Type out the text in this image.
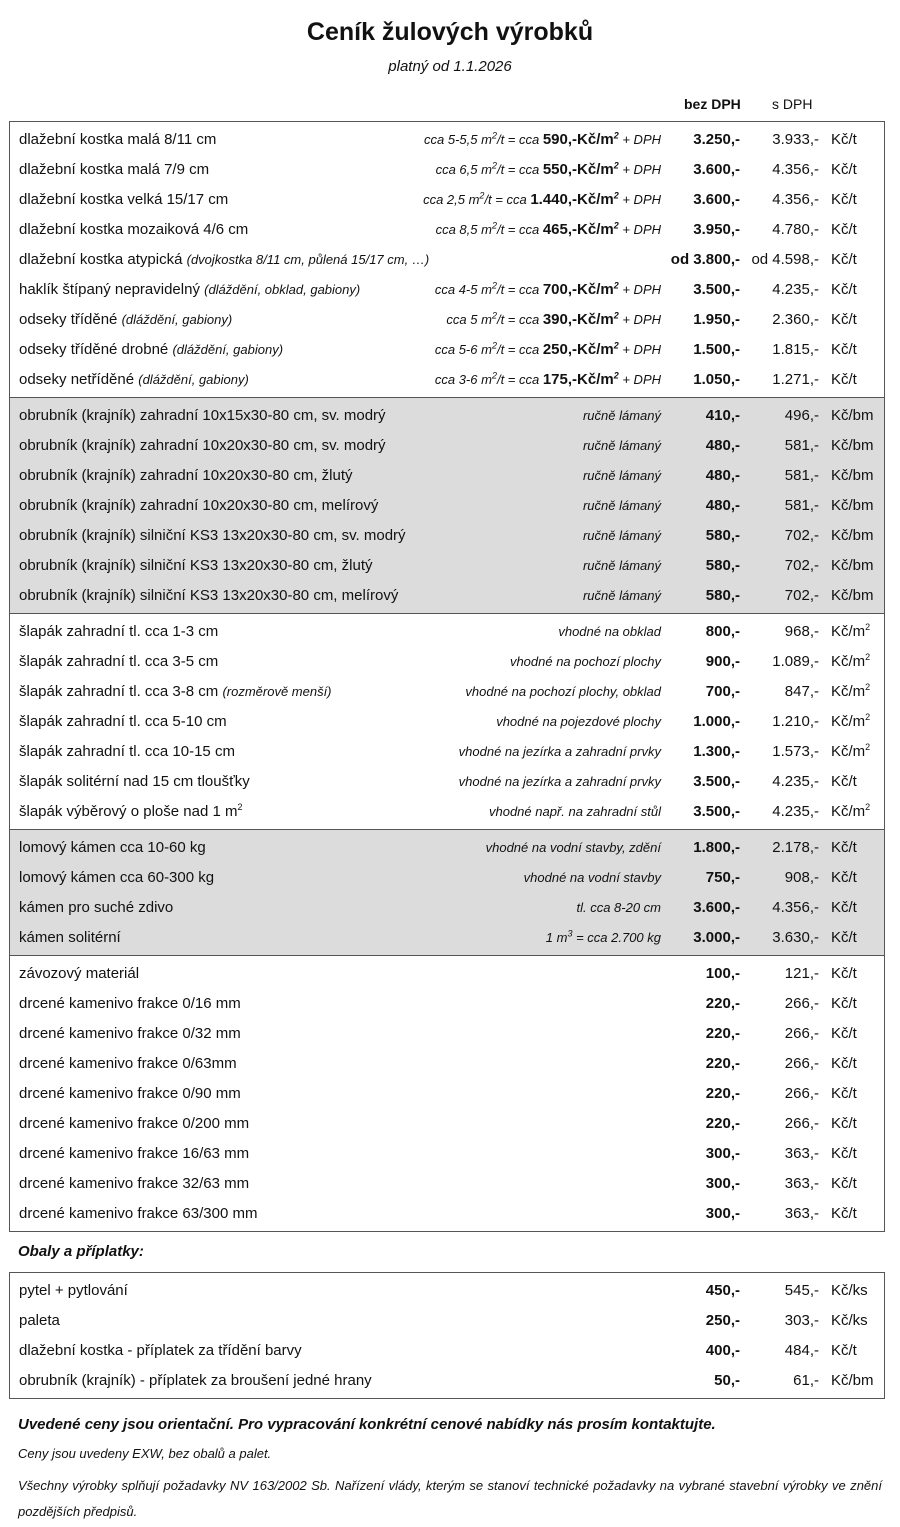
Ceník žulových výrobků
platný od 1.1.2026
bez DPH s DPH
dlažební kostka malá 8/11 cm	cca 5-5,5 $m^2/t$ = cca $590,-Kč/m^2$ + DPH 3.250,- 3.933,- Kč/t
dlažební kostka malá 7/9 cm	cca 6,5 $m^2/t$ = cca $550,-Kč/m^2$ + DPH 3.600,- 4.356,- Kč/t
dlažební kostka velká 15/17 cm	cca 2,5 $m^2/t$ = cca $1.440,-Kč/m^2$ + DPH 3.600,- 4.356,- Kč/t
dlažební kostka mozaiková 4/6 cm	cca 8,5 $m^2/t$ = cca $465,-Kč/m^2$ + DPH 3.950,- 4.780,- Kč/t
dlažební kostka atypická (dvojkostka 8/11 cm, půlená 15/17 cm, …)	od 3.800,- od 4.598,- Kč/t
haklík štípaný nepravidelný (dláždění, obklad, gabiony)	cca 4-5 $m^2/t$ = cca $700,-Kč/m^2$ + DPH 3.500,- 4.235,- Kč/t
odseky tříděné (dláždění, gabiony)	cca 5 $m^2/t$ = cca $390,-Kč/m^2$ + DPH 1.950,- 2.360,- Kč/t
odseky tříděné drobné (dláždění, gabiony)	cca 5-6 $m^2/t$ = cca $250,-Kč/m^2$ + DPH 1.500,- 1.815,- Kč/t
odseky netříděné (dláždění, gabiony)	cca 3-6 $m^2/t$ = cca $175,-Kč/m^2$ + DPH 1.050,- 1.271,- Kč/t
obrubník (krajník) zahradní 10x15x30-80 cm, sv. modrý	ručně lámaný	410,-	496,- Kč/bm
obrubník (krajník) zahradní 10x20x30-80 cm, sv. modrý	ručně lámaný	480,-	581,- Kč/bm
obrubník (krajník) zahradní 10x20x30-80 cm, žlutý	ručně lámaný	480,-	581,- Kč/bm
obrubník (krajník) zahradní 10x20x30-80 cm, melírový	ručně lámaný	480,-	581,- Kč/bm
obrubník (krajník) silniční KS3 13x20x30-80 cm, sv. modrý	ručně lámaný	580,-	702,- Kč/bm
obrubník (krajník) silniční KS3 13x20x30-80 cm, žlutý	ručně lámaný	580,-	702,- Kč/bm
obrubník (krajník) silniční KS3 13x20x30-80 cm, melírový	ručně lámaný	580,-	702,- Kč/bm
šlapák zahradní tl. cca 1-3 cm	vhodné na obklad	800,-	968,- $Kč/m^2$
šlapák zahradní tl. cca 3-5 cm	vhodné na pochozí plochy	900,- 1.089,- $Kč/m^2$
šlapák zahradní tl. cca 3-8 cm (rozměrově menší)	vhodné na pochozí plochy, obklad	700,-	847,- $Kč/m^2$
šlapák zahradní tl. cca 5-10 cm	vhodné na pojezdové plochy 1.000,- 1.210,- $Kč/m^2$
šlapák zahradní tl. cca 10-15 cm	vhodné na jezírka a zahradní prvky 1.300,- 1.573,- $Kč/m^2$
šlapák solitérní nad 15 cm tloušťky	vhodné na jezírka a zahradní prvky 3.500,- 4.235,- Kč/t
šlapák výběrový o ploše nad 1 $m^2$	vhodné např. na zahradní stůl 3.500,- 4.235,- $Kč/m^2$
lomový kámen cca 10-60 kg	vhodné na vodní stavby, zdění 1.800,- 2.178,- Kč/t
lomový kámen cca 60-300 kg	vhodné na vodní stavby	750,-	908,- Kč/t
kámen pro suché zdivo	tl. cca 8-20 cm 3.600,- 4.356,- Kč/t
kámen solitérní	1 $m^3$ = cca 2.700 kg 3.000,- 3.630,- Kč/t
závozový materiál	100,-	121,- Kč/t
drcené kamenivo frakce 0/16 mm	220,-	266,- Kč/t
drcené kamenivo frakce 0/32 mm	220,-	266,- Kč/t
drcené kamenivo frakce 0/63mm	220,-	266,- Kč/t
drcené kamenivo frakce 0/90 mm	220,-	266,- Kč/t
drcené kamenivo frakce 0/200 mm	220,-	266,- Kč/t
drcené kamenivo frakce 16/63 mm	300,-	363,- Kč/t
drcené kamenivo frakce 32/63 mm	300,-	363,- Kč/t
drcené kamenivo frakce 63/300 mm	300,-	363,- Kč/t
Obaly a příplatky:
pytel + pytlování	450,-	545,- Kč/ks
paleta	250,-	303,- Kč/ks
dlažební kostka - příplatek za třídění barvy	400,-	484,- Kč/t
obrubník (krajník) - příplatek za broušení jedné hrany	50,-	61,- Kč/bm
Uvedené ceny jsou orientační. Pro vypracování konkrétní cenové nabídky nás prosím kontaktujte.
Ceny jsou uvedeny EXW, bez obalů a palet.
Všechny výrobky splňují požadavky NV 163/2002 Sb. Nařízení vlády, kterým se stanoví technické požadavky na vybrané stavební výrobky ve znění pozdějších předpisů.
